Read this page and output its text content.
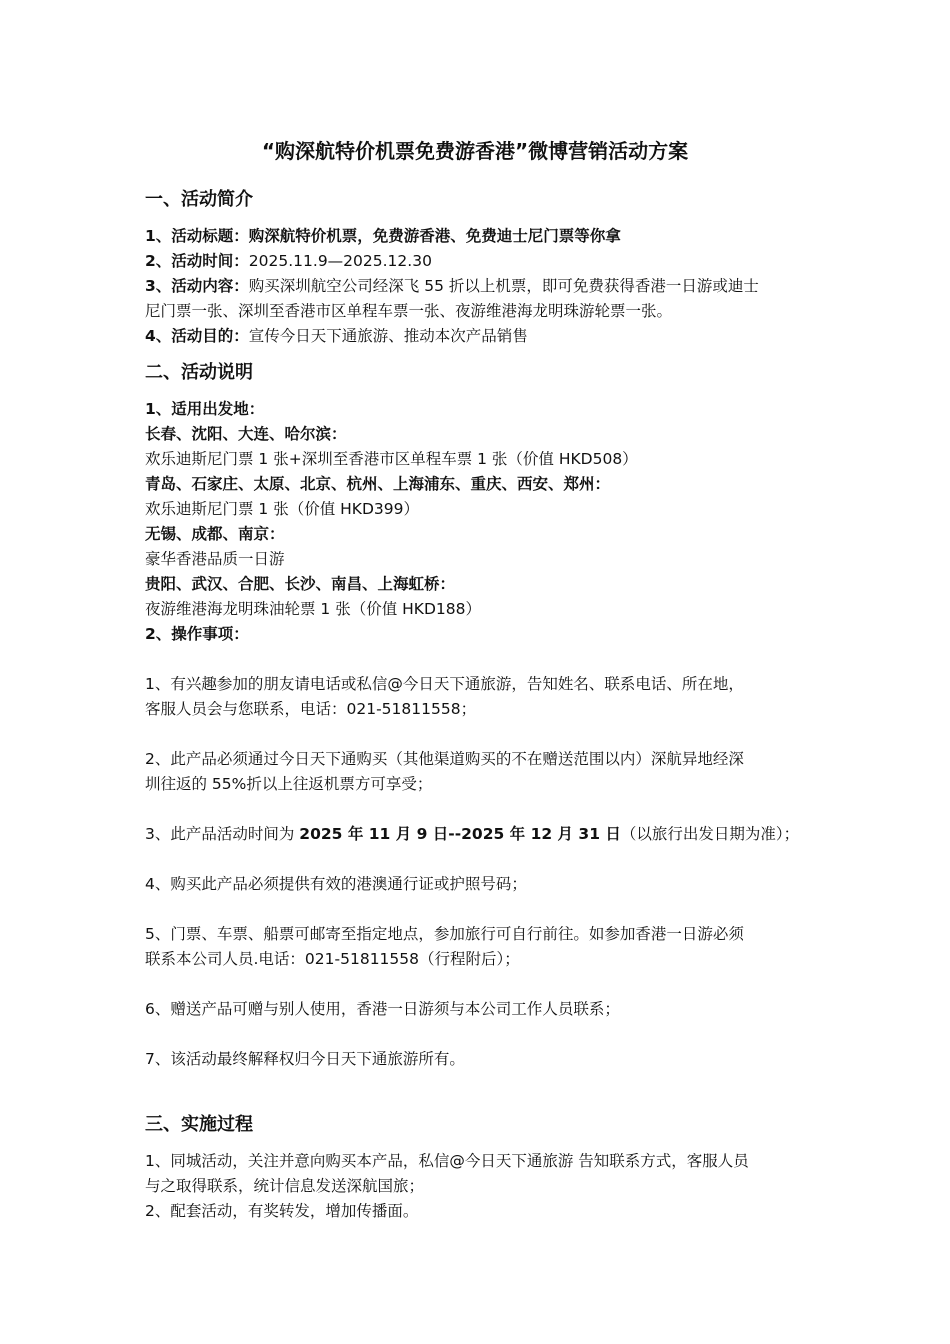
“购深航特价机票免费游香港”微博营销活动方案
一、活动简介
1、活动标题：购深航特价机票，免费游香港、免费迪士尼门票等你拿
2、活动时间：2025.11.9—2025.12.30
3、活动内容：购买深圳航空公司经深飞 55 折以上机票，即可免费获得香港一日游或迪士
尼门票一张、深圳至香港市区单程车票一张、夜游维港海龙明珠游轮票一张。
4、活动目的：宣传今日天下通旅游、推动本次产品销售
二、活动说明
1、适用出发地：
长春、沈阳、大连、哈尔滨：
欢乐迪斯尼门票 1 张+深圳至香港市区单程车票 1 张（价值 HKD508）
青岛、石家庄、太原、北京、杭州、上海浦东、重庆、西安、郑州：
欢乐迪斯尼门票 1 张（价值 HKD399）
无锡、成都、南京：
豪华香港品质一日游
贵阳、武汉、合肥、长沙、南昌、上海虹桥：
夜游维港海龙明珠油轮票 1 张（价值 HKD188）
2、操作事项：
1、有兴趣参加的朋友请电话或私信@今日天下通旅游，告知姓名、联系电话、所在地，
客服人员会与您联系，电话：021-51811558；
2、此产品必须通过今日天下通购买（其他渠道购买的不在赠送范围以内）深航异地经深
圳往返的 55%折以上往返机票方可享受；
3、此产品活动时间为 2025 年 11 月 9 日--2025 年 12 月 31 日（以旅行出发日期为准）；
4、购买此产品必须提供有效的港澳通行证或护照号码；
5、门票、车票、船票可邮寄至指定地点，参加旅行可自行前往。如参加香港一日游必须
联系本公司人员.电话：021-51811558（行程附后）；
6、赠送产品可赠与别人使用，香港一日游须与本公司工作人员联系；
7、该活动最终解释权归今日天下通旅游所有。
三、实施过程
1、同城活动，关注并意向购买本产品，私信@今日天下通旅游 告知联系方式，客服人员
与之取得联系，统计信息发送深航国旅；
2、配套活动，有奖转发，增加传播面。
